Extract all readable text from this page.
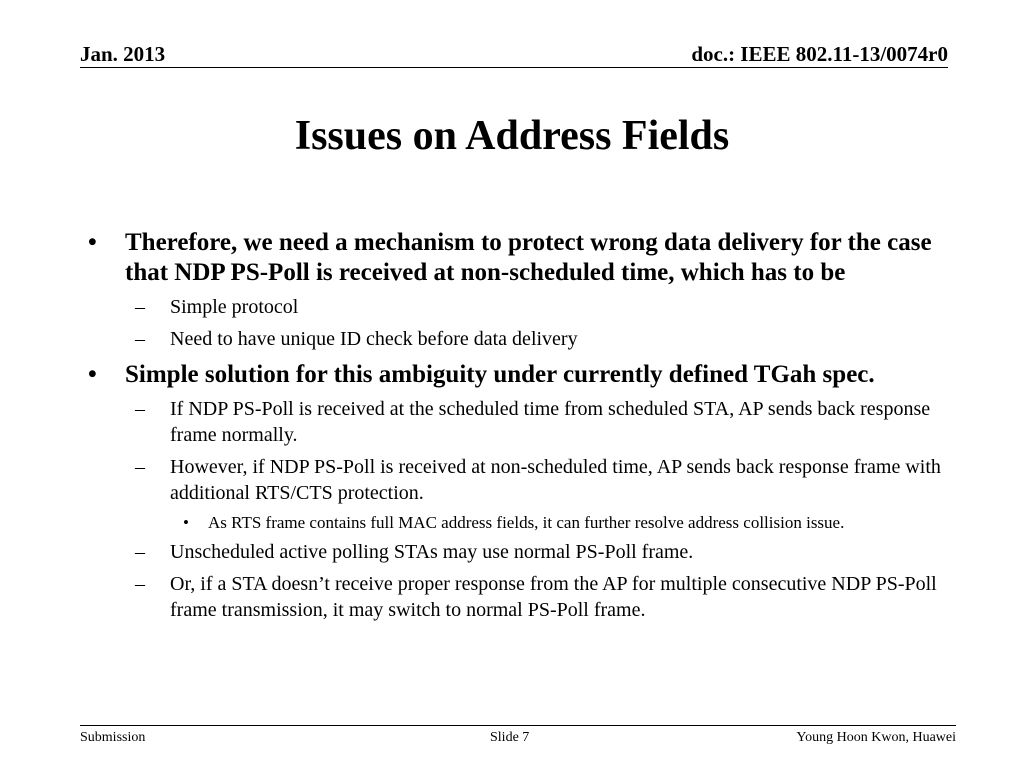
Jan. 2013	doc.: IEEE 802.11-13/0074r0
Issues on Address Fields
• Therefore, we need a mechanism to protect wrong data delivery for the case that NDP PS-Poll is received at non-scheduled time, which has to be
– Simple protocol
– Need to have unique ID check before data delivery
• Simple solution for this ambiguity under currently defined TGah spec.
– If NDP PS-Poll is received at the scheduled time from scheduled STA, AP sends back response frame normally.
– However, if NDP PS-Poll is received at non-scheduled time, AP sends back response frame with additional RTS/CTS protection.
• As RTS frame contains full MAC address fields, it can further resolve address collision issue.
– Unscheduled active polling STAs may use normal PS-Poll frame.
– Or, if a STA doesn’t receive proper response from the AP for multiple consecutive NDP PS-Poll frame transmission, it may switch to normal PS-Poll frame.
Submission	Slide 7	Young Hoon Kwon, Huawei
